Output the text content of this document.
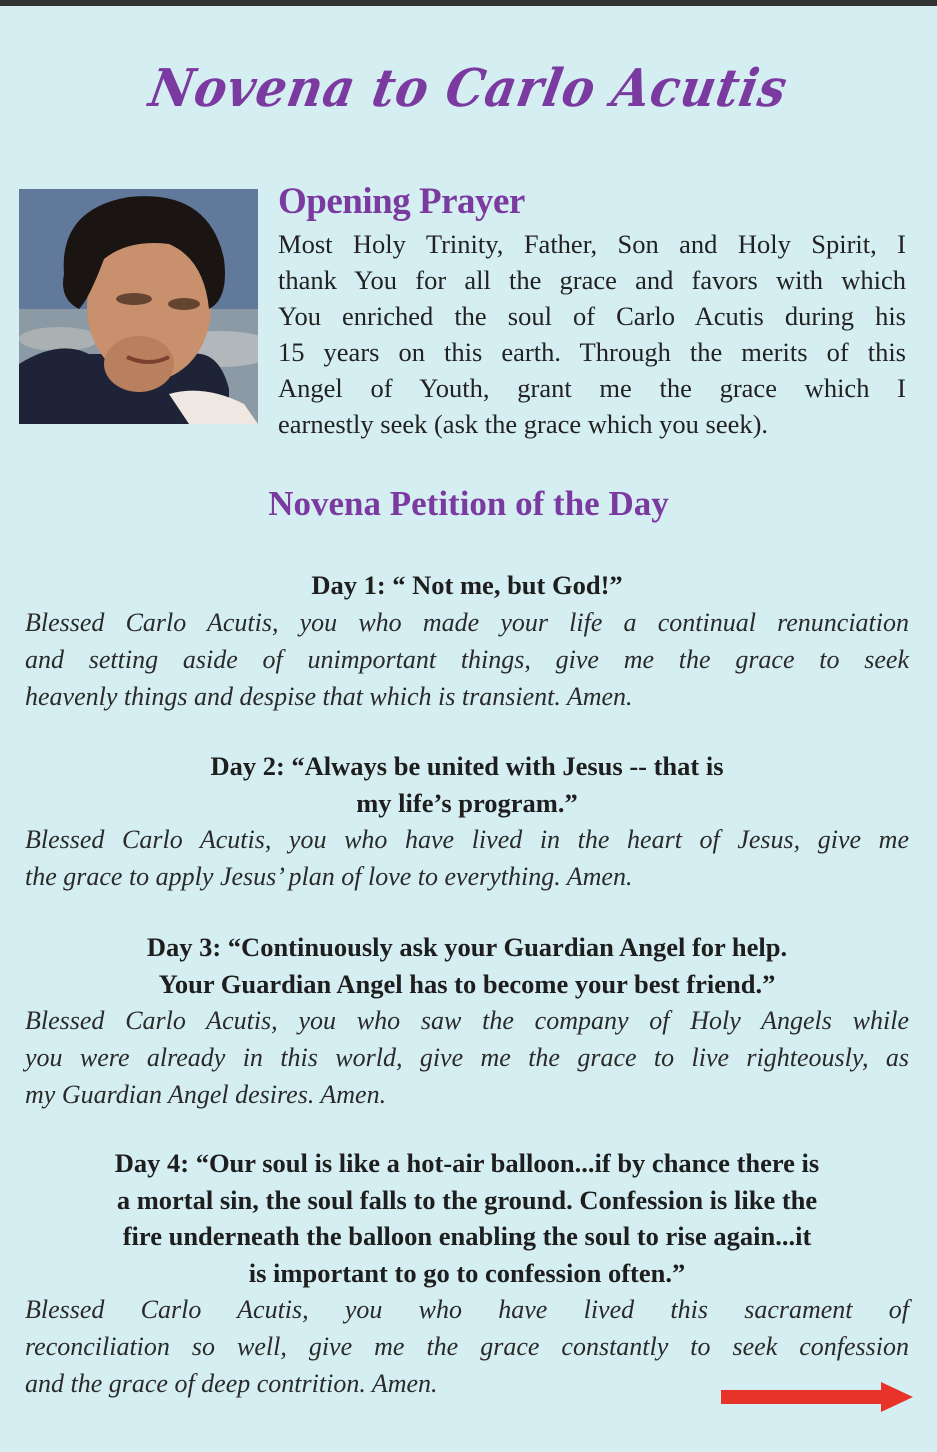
Novena to Carlo Acutis
Opening Prayer
Most Holy Trinity, Father, Son and Holy Spirit, I
thank You for all the grace and favors with which
You enriched the soul of Carlo Acutis during his
15 years on this earth. Through the merits of this
Angel of Youth, grant me the grace which I
earnestly seek (ask the grace which you seek).
Novena Petition of the Day
Day 1: “ Not me, but God!”
Blessed Carlo Acutis, you who made your life a continual renunciation
and setting aside of unimportant things, give me the grace to seek
heavenly things and despise that which is transient. Amen.
Day 2: “Always be united with Jesus -- that is
my life’s program.”
Blessed Carlo Acutis, you who have lived in the heart of Jesus, give me
the grace to apply Jesus’ plan of love to everything. Amen.
Day 3: “Continuously ask your Guardian Angel for help.
Your Guardian Angel has to become your best friend.”
Blessed Carlo Acutis, you who saw the company of Holy Angels while
you were already in this world, give me the grace to live righteously, as
my Guardian Angel desires. Amen.
Day 4: “Our soul is like a hot-air balloon...if by chance there is
a mortal sin, the soul falls to the ground. Confession is like the
fire underneath the balloon enabling the soul to rise again...it
is important to go to confession often.”
Blessed Carlo Acutis, you who have lived this sacrament of
reconciliation so well, give me the grace constantly to seek confession
and the grace of deep contrition. Amen.
